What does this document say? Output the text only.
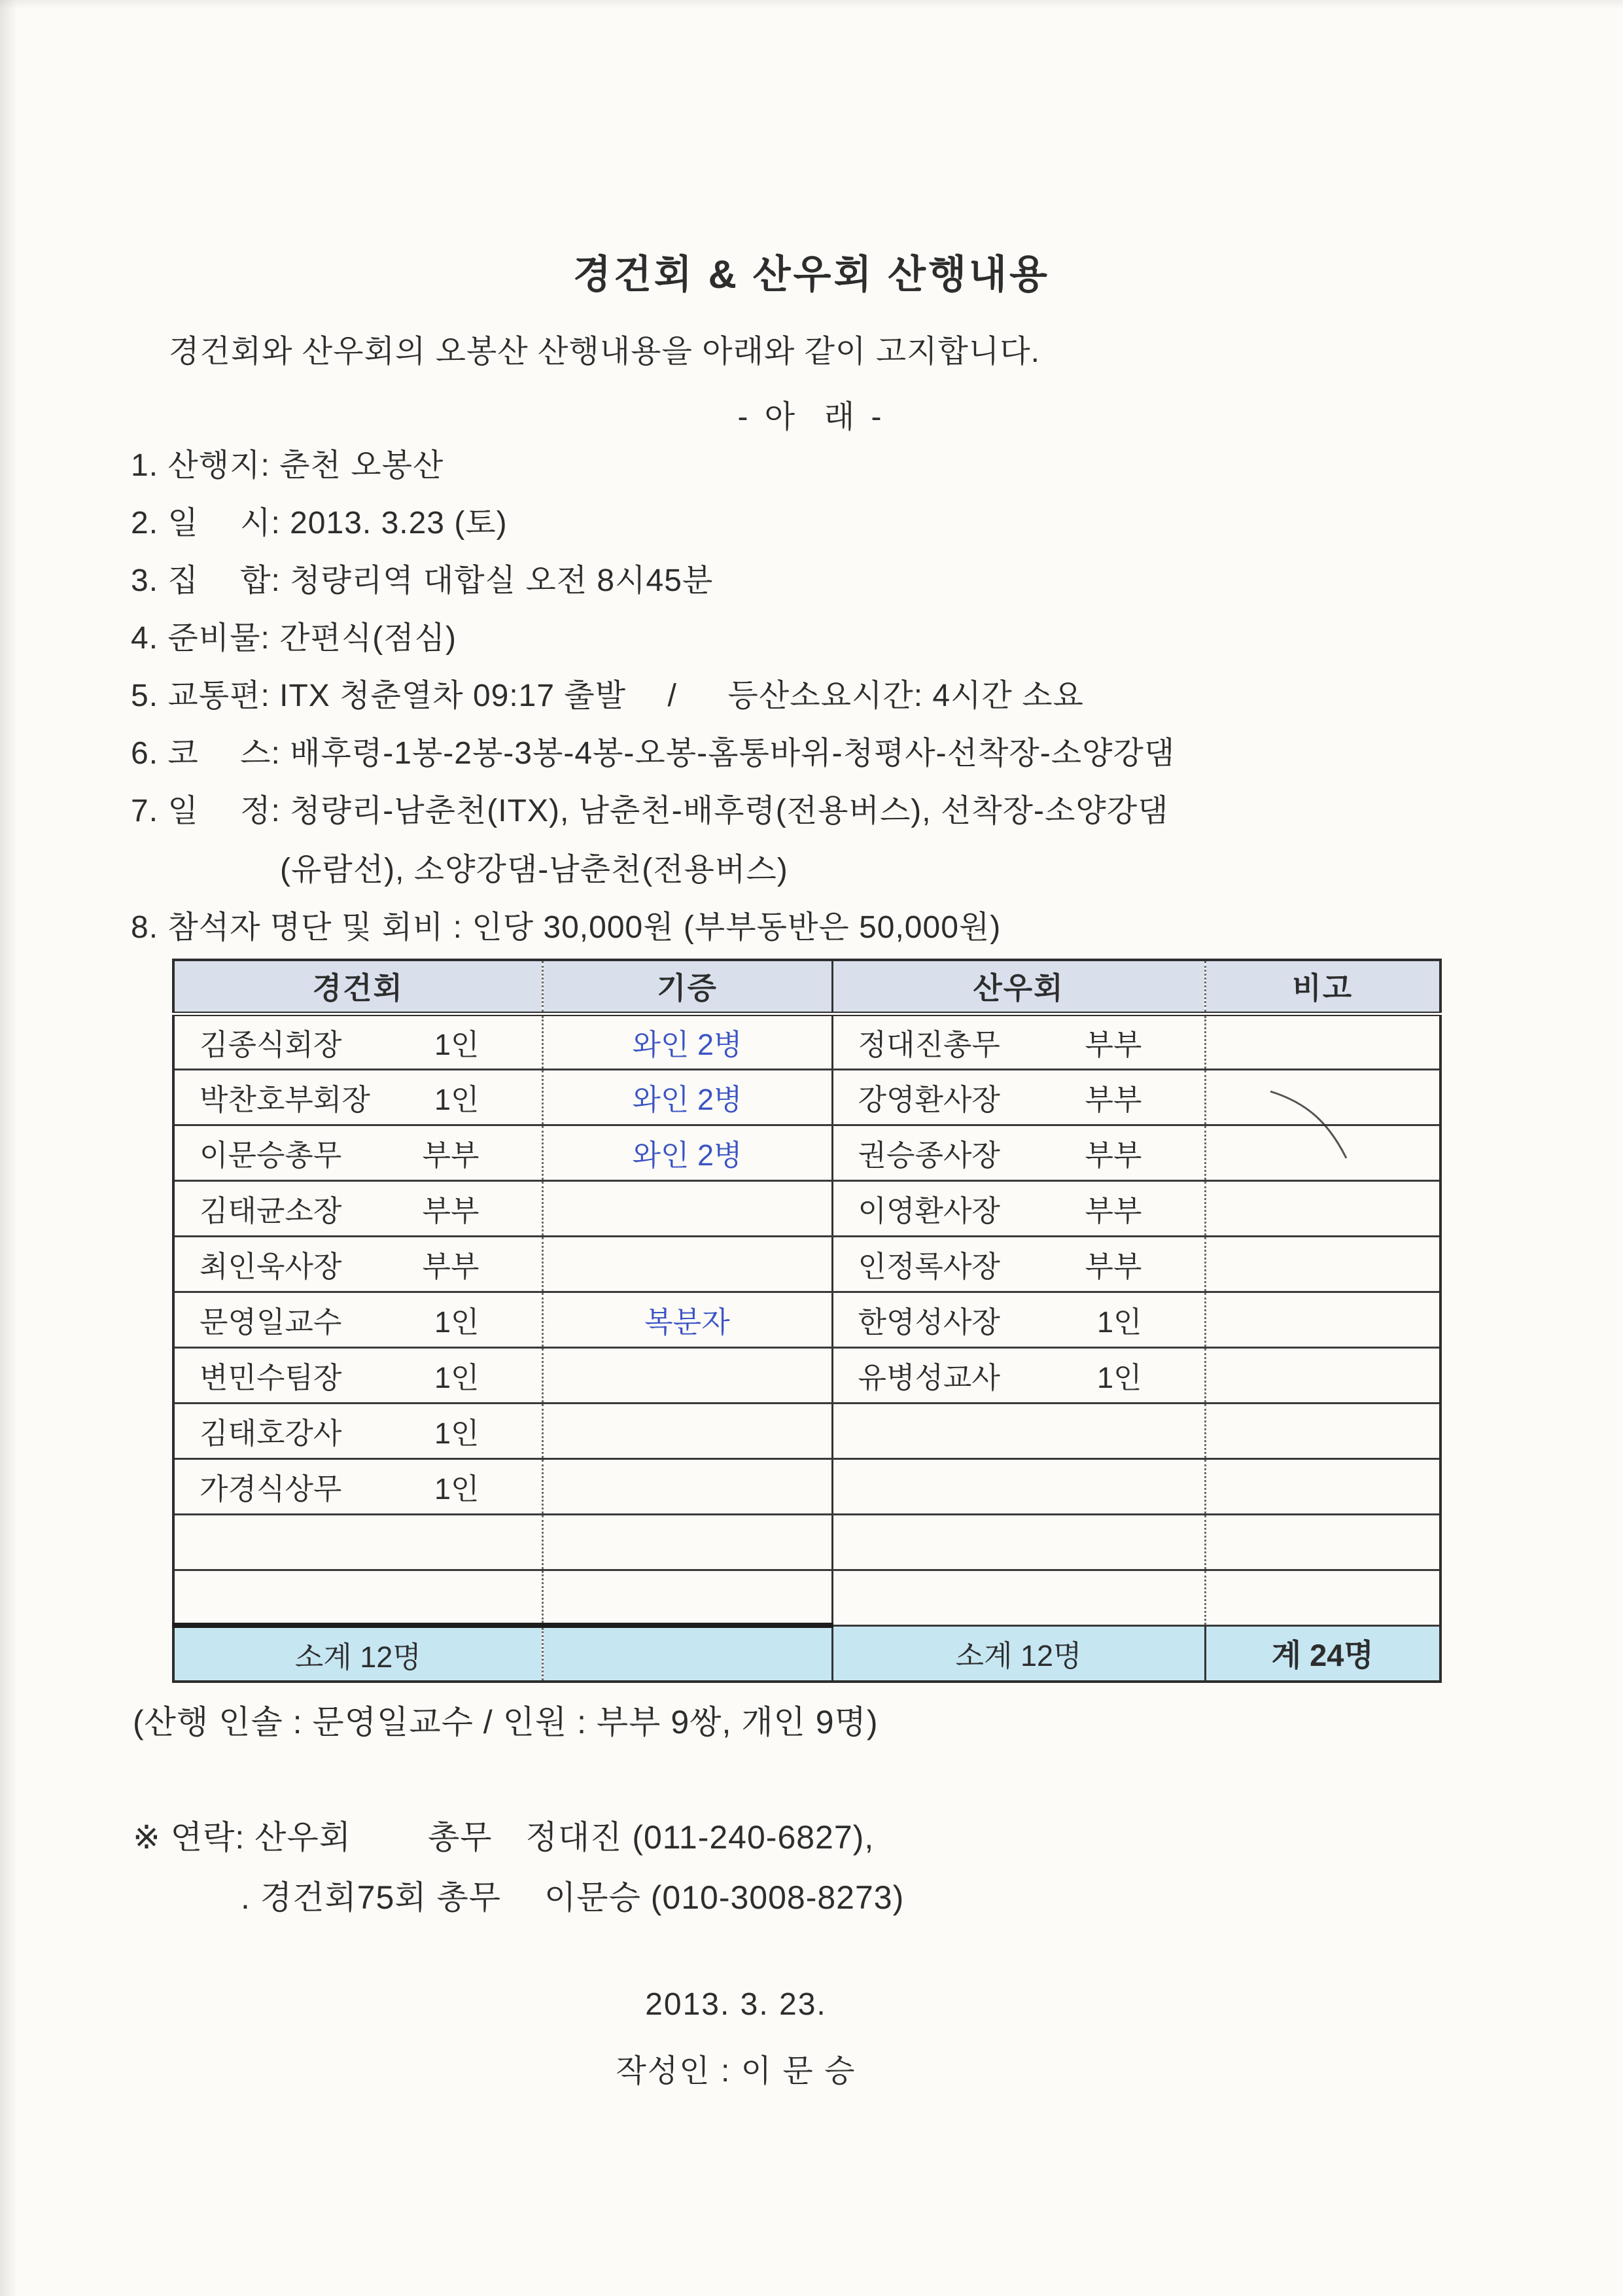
경건회 & 산우회 산행내용
경건회와 산우회의 오봉산 산행내용을 아래와 같이 고지합니다.
- 아  래 -
1. 산행지: 춘천 오봉산
2. 일　 시: 2013. 3.23 (토)
3. 집　 합: 청량리역 대합실 오전 8시45분
4. 준비물: 간편식(점심)
5. 교통편: ITX 청춘열차 09:17 출발　 /　  등산소요시간: 4시간 소요
6. 코　 스: 배후령-1봉-2봉-3봉-4봉-오봉-홈통바위-청평사-선착장-소양강댐
7. 일　 정: 청량리-남춘천(ITX), 남춘천-배후령(전용버스), 선착장-소양강댐
(유람선), 소양강댐-남춘천(전용버스)
8. 참석자 명단 및 회비 : 인당 30,000원 (부부동반은 50,000원)
경건회	기증	산우회	비고

김종식회장 1인	와인 2병	정대진총무 부부	

박찬호부회장 1인	와인 2병	강영환사장 부부	

이문승총무 부부	와인 2병	권승종사장 부부	

김태균소장 부부		이영환사장 부부	

최인욱사장 부부		인정록사장 부부	

문영일교수 1인	복분자	한영성사장 1인	

변민수팀장 1인		유병성교사 1인	

김태호강사 1인			

가경식상무 1인			

소계 12명		소계 12명	계 24명
(산행 인솔 : 문영일교수 / 인원 : 부부 9쌍, 개인 9명)
※ 연락: 산우회　　 총무　정대진 (011-240-6827),
. 경건회75회 총무　 이문승 (010-3008-8273)
2013. 3. 23.
작성인 : 이 문 승
